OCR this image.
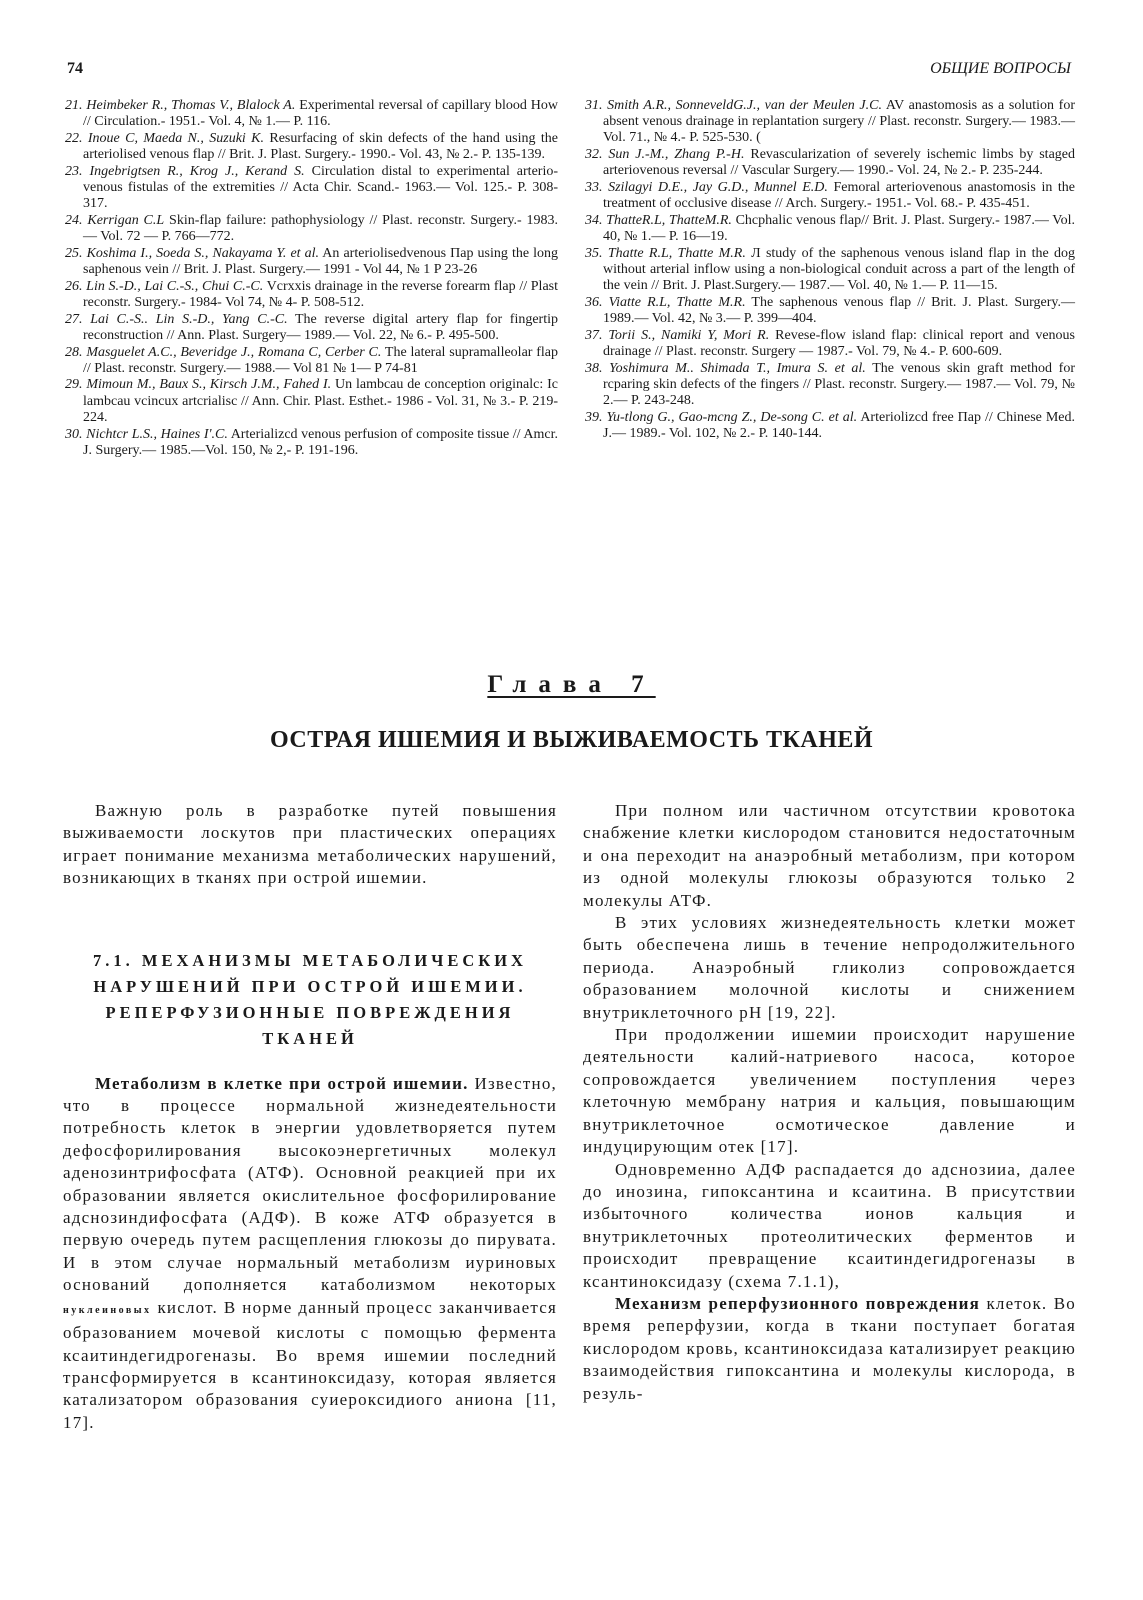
74	ОБЩИЕ ВОПРОСЫ

21. Heimbeker R., Thomas V., Blalock A. Experimental reversal of capillary blood How // Circulation.- 1951.- Vol. 4, № 1.— P. 116.

22. Inoue C, Maeda N., Suzuki K. Resurfacing of skin defects of the hand using the arteriolised venous flap // Brit. J. Plast. Surgery.- 1990.- Vol. 43, № 2.- P. 135-139.

23. Ingebrigtsen R., Krog J., Kerand S. Circulation distal to experimental arterio-venous fistulas of the extremities // Acta Chir. Scand.- 1963.— Vol. 125.- P. 308-317.

24. Kerrigan C.L Skin-flap failure: pathophysiology // Plast. reconstr. Surgery.- 1983.— Vol. 72 — P. 766—772.

25. Koshima I., Soeda S., Nakayama Y. et al. An arteriolisedvenous Пар using the long saphenous vein // Brit. J. Plast. Surgery.— 1991 - Vol 44, № 1 P 23-26

26. Lin S.-D., Lai C.-S., Chui C.-C. Vcrxxis drainage in the reverse forearm flap // Plast reconstr. Surgery.- 1984- Vol 74, № 4- P. 508-512.

27. Lai C.-S.. Lin S.-D., Yang C.-C. The reverse digital artery flap for fingertip reconstruction // Ann. Plast. Surgery— 1989.— Vol. 22, № 6.- P. 495-500.

28. Masguelet A.C., Beveridge J., Romana C, Cerber C. The lateral supramalleolar flap // Plast. reconstr. Surgery.— 1988.— Vol 81 № 1— P 74-81

29. Mimoun M., Baux S., Kirsch J.M., Fahed I. Un lambcau de conception originalc: Ic lambcau vcincux artcrialisc // Ann. Chir. Plast. Esthet.- 1986 - Vol. 31, № 3.- P. 219-224.

30. Nichtcr L.S., Haines I'.C. Arterializcd venous perfusion of composite tissue // Amcr. J. Surgery.— 1985.—Vol. 150, № 2,- P. 191-196.

31. Smith A.R., SonneveldG.J., van der Meulen J.C. AV anastomosis as a solution for absent venous drainage in replantation surgery // Plast. reconstr. Surgery.— 1983.—Vol. 71., № 4.- P. 525-530. (

32. Sun J.-M., Zhang P.-H. Revascularization of severely ischemic limbs by staged arteriovenous reversal // Vascular Surgery.— 1990.- Vol. 24, № 2.- P. 235-244.

33. Szilagyi D.E., Jay G.D., Munnel E.D. Femoral arteriovenous anastomosis in the treatment of occlusive disease // Arch. Surgery.- 1951.- Vol. 68.- P. 435-451.

34. ThatteR.L, ThatteM.R. Chcphalic venous flap// Brit. J. Plast. Surgery.- 1987.— Vol. 40, № 1.— P. 16—19.

35. Thatte R.L, Thatte M.R. Л study of the saphenous venous island flap in the dog without arterial inflow using a non-biological conduit across a part of the length of the vein // Brit. J. Plast.Surgery.— 1987.— Vol. 40, № 1.— P. 11—15.

36. Viatte R.L, Thatte M.R. The saphenous venous flap // Brit. J. Plast. Surgery.— 1989.— Vol. 42, № 3.— P. 399—404.

37. Torii S., Namiki Y, Mori R. Revese-flow island flap: clinical report and venous drainage // Plast. reconstr. Surgery — 1987.- Vol. 79, № 4.- P. 600-609.

38. Yoshimura M.. Shimada T., Imura S. et al. The venous skin graft method for rcparing skin defects of the fingers // Plast. reconstr. Surgery.— 1987.— Vol. 79, № 2.— P. 243-248.

39. Yu-tlong G., Gao-mcng Z., De-song C. et al. Arteriolizcd free Пар // Chinese Med. J.— 1989.- Vol. 102, № 2.- P. 140-144.

Глава 7
ОСТРАЯ ИШЕМИЯ И ВЫЖИВАЕМОСТЬ ТКАНЕЙ

Важную роль в разработке путей повышения выживаемости лоскутов при пластических операциях играет понимание механизма метаболических нарушений, возникающих в тканях при острой ишемии.

7.1. МЕХАНИЗМЫ МЕТАБОЛИЧЕСКИХ НАРУШЕНИЙ ПРИ ОСТРОЙ ИШЕМИИ. РЕПЕРФУЗИОННЫЕ ПОВРЕЖДЕНИЯ ТКАНЕЙ

Метаболизм в клетке при острой ишемии. Известно, что в процессе нормальной жизнедеятельности потребность клеток в энергии удовлетворяется путем дефосфорилирования высокоэнергетичных молекул аденозинтрифосфата (АТФ). Основной реакцией при их образовании является окислительное фосфорилирование адснозиндифосфата (АДФ). В коже АТФ образуется в первую очередь путем расщепления глюкозы до пирувата. И в этом случае нормальный метаболизм иуриновых оснований дополняется катаболизмом некоторых нуклеиновых кислот. В норме данный процесс заканчивается образованием мочевой кислоты с помощью фермента ксаитиндегидрогеназы. Во время ишемии последний трансформируется в ксантиноксидазу, которая является катализатором образования суиероксидиого аниона [11, 17].

При полном или частичном отсутствии кровотока снабжение клетки кислородом становится недостаточным и она переходит на анаэробный метаболизм, при котором из одной молекулы глюкозы образуются только 2 молекулы АТФ.

В этих условиях жизнедеятельность клетки может быть обеспечена лишь в течение непродолжительного периода. Анаэробный гликолиз сопровождается образованием молочной кислоты и снижением внутриклеточного pH [19, 22].

При продолжении ишемии происходит нарушение деятельности калий-натриевого насоса, которое сопровождается увеличением поступления через клеточную мембрану натрия и кальция, повышающим внутриклеточное осмотическое давление и индуцирующим отек [17].

Одновременно АДФ распадается до адснозииа, далее до инозина, гипоксантина и ксаитина. В присутствии избыточного количества ионов кальция и внутриклеточных протеолитических ферментов и происходит превращение ксаитиндегидрогеназы в ксантиноксидазу (схема 7.1.1),

Механизм реперфузионного повреждения клеток. Во время реперфузии, когда в ткани поступает богатая кислородом кровь, ксантиноксидаза катализирует реакцию взаимодействия гипоксантина и молекулы кислорода, в резуль-
